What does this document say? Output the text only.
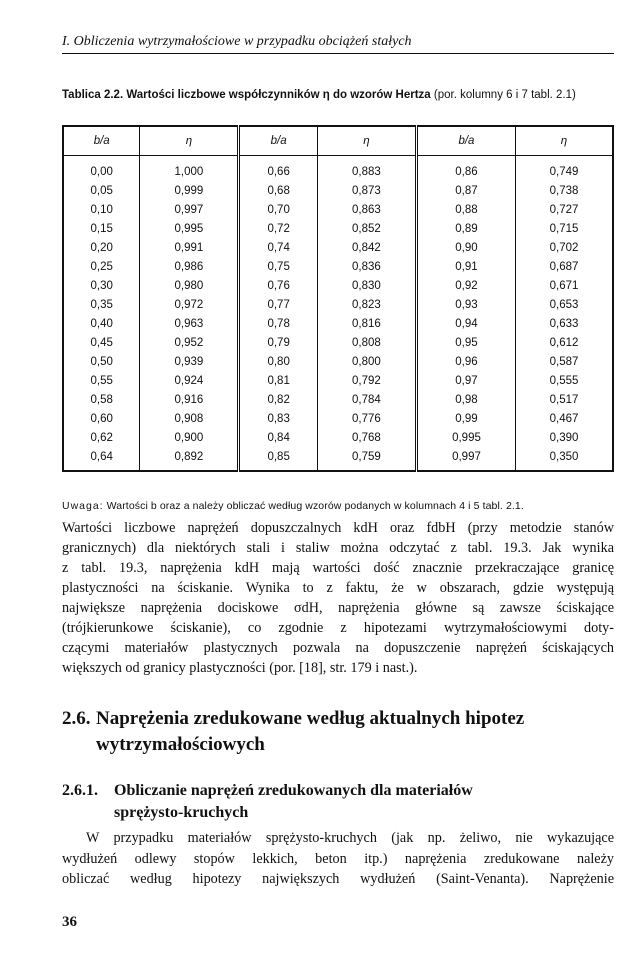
I. Obliczenia wytrzymałościowe w przypadku obciążeń stałych
Tablica 2.2. Wartości liczbowe współczynników η do wzorów Hertza (por. kolumny 6 i 7 tabl. 2.1)
b/a	η	b/a	η	b/a	η
0,00	1,000	0,66	0,883	0,86	0,749
0,05	0,999	0,68	0,873	0,87	0,738
0,10	0,997	0,70	0,863	0,88	0,727
0,15	0,995	0,72	0,852	0,89	0,715
0,20	0,991	0,74	0,842	0,90	0,702
0,25	0,986	0,75	0,836	0,91	0,687
0,30	0,980	0,76	0,830	0,92	0,671
0,35	0,972	0,77	0,823	0,93	0,653
0,40	0,963	0,78	0,816	0,94	0,633
0,45	0,952	0,79	0,808	0,95	0,612
0,50	0,939	0,80	0,800	0,96	0,587
0,55	0,924	0,81	0,792	0,97	0,555
0,58	0,916	0,82	0,784	0,98	0,517
0,60	0,908	0,83	0,776	0,99	0,467
0,62	0,900	0,84	0,768	0,995	0,390
0,64	0,892	0,85	0,759	0,997	0,350
Uwaga: Wartości b oraz a należy obliczać według wzorów podanych w kolumnach 4 i 5 tabl. 2.1.
Wartości liczbowe naprężeń dopuszczalnych kdH oraz fdbH (przy metodzie stanów
granicznych) dla niektórych stali i staliw można odczytać z tabl. 19.3. Jak wynika
z tabl. 19.3, naprężenia kdH mają wartości dość znacznie przekraczające granicę
plastyczności na ściskanie. Wynika to z faktu, że w obszarach, gdzie występują
największe naprężenia dociskowe σdH, naprężenia główne są zawsze ściskające
(trójkierunkowe ściskanie), co zgodnie z hipotezami wytrzymałościowymi doty-
czącymi materiałów plastycznych pozwala na dopuszczenie naprężeń ściskających
większych od granicy plastyczności (por. [18], str. 179 i nast.).
2.6. Naprężenia zredukowane według aktualnych hipotez
wytrzymałościowych
2.6.1. Obliczanie naprężeń zredukowanych dla materiałów
sprężysto-kruchych
W przypadku materiałów sprężysto-kruchych (jak np. żeliwo, nie wykazujące
wydłużeń odlewy stopów lekkich, beton itp.) naprężenia zredukowane należy
obliczać według hipotezy największych wydłużeń (Saint-Venanta). Naprężenie
36
